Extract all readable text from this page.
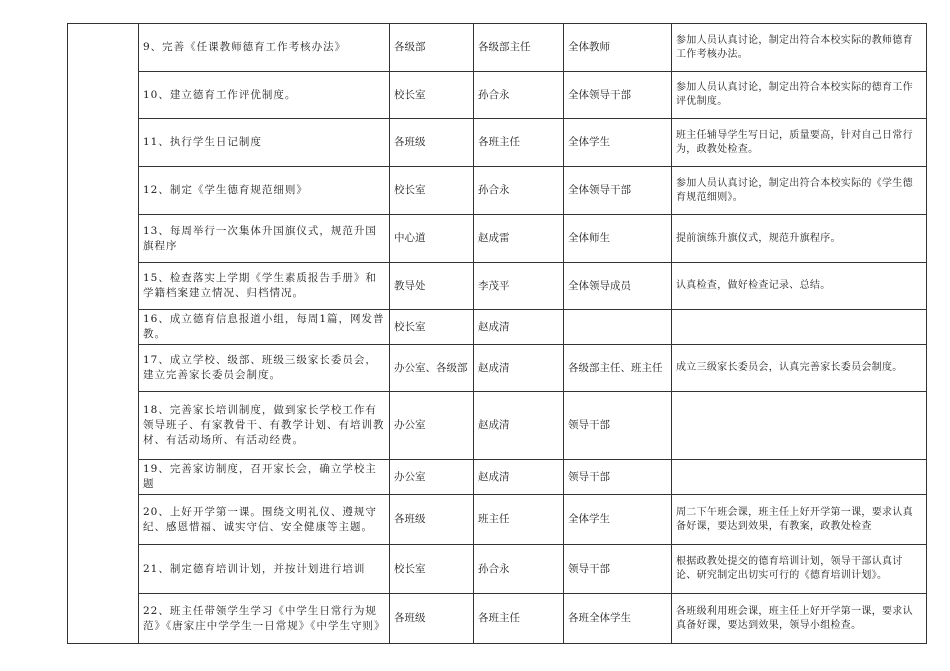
	9、完善《任课教师德育工作考核办法》	各级部	各级部主任	全体教师	参加人员认真讨论，制定出符合本校实际的教师德育工作考核办法。
	10、建立德育工作评优制度。	校长室	孙合永	全体领导干部	参加人员认真讨论，制定出符合本校实际的德育工作评优制度。
	11、执行学生日记制度	各班级	各班主任	全体学生	班主任辅导学生写日记，质量要高，针对自己日常行为，政教处检查。
	12、制定《学生德育规范细则》	校长室	孙合永	全体领导干部	参加人员认真讨论，制定出符合本校实际的《学生德育规范细则》。
	13、每周举行一次集体升国旗仪式，规范升国旗程序	中心道	赵成雷	全体师生	提前演练升旗仪式，规范升旗程序。
	15、检查落实上学期《学生素质报告手册》和学籍档案建立情况、归档情况。	教导处	李茂平	全体领导成员	认真检查，做好检查记录、总结。
	16、成立德育信息报道小组，每周1篇，网发普教。	校长室	赵成清		
	17、成立学校、级部、班级三级家长委员会，建立完善家长委员会制度。	办公室、各级部	赵成清	各级部主任、班主任	成立三级家长委员会，认真完善家长委员会制度。
	18、完善家长培训制度，做到家长学校工作有领导班子、有家教骨干、有教学计划、有培训教材、有活动场所、有活动经费。	办公室	赵成清	领导干部	
	19、完善家访制度，召开家长会，确立学校主题	办公室	赵成清	领导干部	
	20、上好开学第一课。围绕文明礼仪、遵规守纪、感恩惜福、诚实守信、安全健康等主题。	各班级	班主任	全体学生	周二下午班会课，班主任上好开学第一课，要求认真备好课，要达到效果，有教案，政教处检查
	21、制定德育培训计划，并按计划进行培训	校长室	孙合永	领导干部	根据政教处提交的德育培训计划，领导干部认真讨论、研究制定出切实可行的《德育培训计划》。
	22、班主任带领学生学习《中学生日常行为规范》《唐家庄中学学生一日常规》《中学生守则》	各班级	各班主任	各班全体学生	各班级利用班会课，班主任上好开学第一课，要求认真备好课，要达到效果，领导小组检查。
